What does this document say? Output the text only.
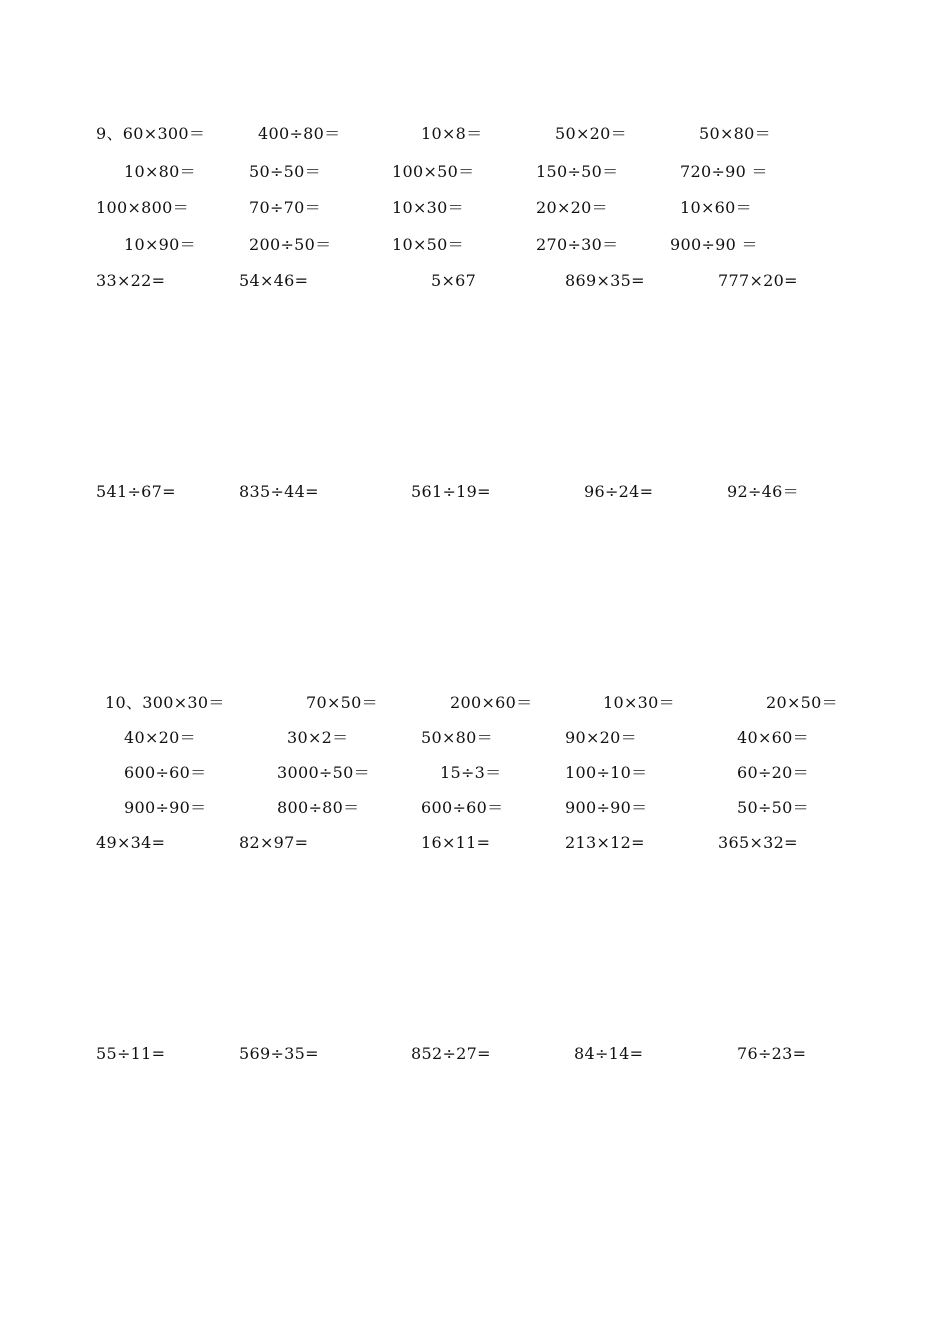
9、60×300＝	400÷80＝	10×8＝	50×20＝	50×80＝
10×80＝	50÷50＝	100×50＝	150÷50＝	720÷90 ＝
100×800＝	70÷70＝	10×30＝	20×20＝	10×60＝
10×90＝	200÷50＝	10×50＝	270÷30＝	900÷90 ＝
33×22=	54×46=	5×67	869×35=	777×20=
541÷67=	835÷44=	561÷19=	96÷24=	92÷46＝
10、300×30＝	70×50＝	200×60＝	10×30＝	20×50＝
40×20＝	30×2＝	50×80＝	90×20＝	40×60＝
600÷60＝	3000÷50＝	15÷3＝	100÷10＝	60÷20＝
900÷90＝	800÷80＝	600÷60＝	900÷90＝	50÷50＝
49×34=	82×97=	16×11=	213×12=	365×32=
55÷11=	569÷35=	852÷27=	84÷14=	76÷23=
